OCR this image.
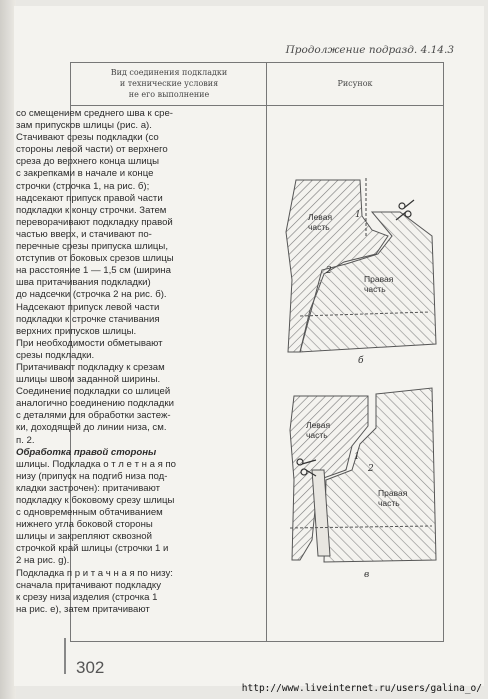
Продолжение подразд. 4.14.3
Вид соединения подкладки
и технические условия
не его выполнение
Рисунок
со смещением среднего шва к сре-
зам припусков шлицы (рис. а).
Стачивают срезы подкладки (со
стороны левой части) от верхнего
среза до верхнего конца шлицы
с закрепками в начале и конце
строчки (строчка 1, на рис. б);
надсекают припуск правой части
подкладки к концу строчки. Затем
переворачивают подкладку правой
частью вверх, и стачивают по-
перечные срезы припуска шлицы,
отступив от боковых срезов шлицы
на расстояние 1 — 1,5 см (ширина
шва притачивания подкладки)
до надсечки (строчка 2 на рис. б).
Надсекают припуск левой части
подкладки к строчке стачивания
верхних припусков шлицы.
При необходимости обметывают
срезы подкладки.
Притачивают подкладку к срезам
шлицы швом заданной ширины.
Соединение подкладки со шлицей
аналогично соединению подкладки
с деталями для обработки застеж-
ки, доходящей до линии низа, см.
п. 2.
Обработка правой стороны
шлицы. Подкладка о т л е т н а я по
низу (припуск на подгиб низа под-
кладки застрочен): притачивают
подкладку к боковому срезу шлицы
с одновременным обтачиванием
нижнего угла боковой стороны
шлицы и закрепляют сквозной
строчкой край шлицы (строчки 1 и
2 на рис. g).
Подкладка п р и т а ч н а я по низу:
сначала притачивают подкладку
к срезу низа изделия (строчка 1
на рис. е), затем притачивают
Левая
часть
Правая
часть
1
2
б
Левая
часть
Правая
часть
1
2
в
302
http://www.liveinternet.ru/users/galina_o/
